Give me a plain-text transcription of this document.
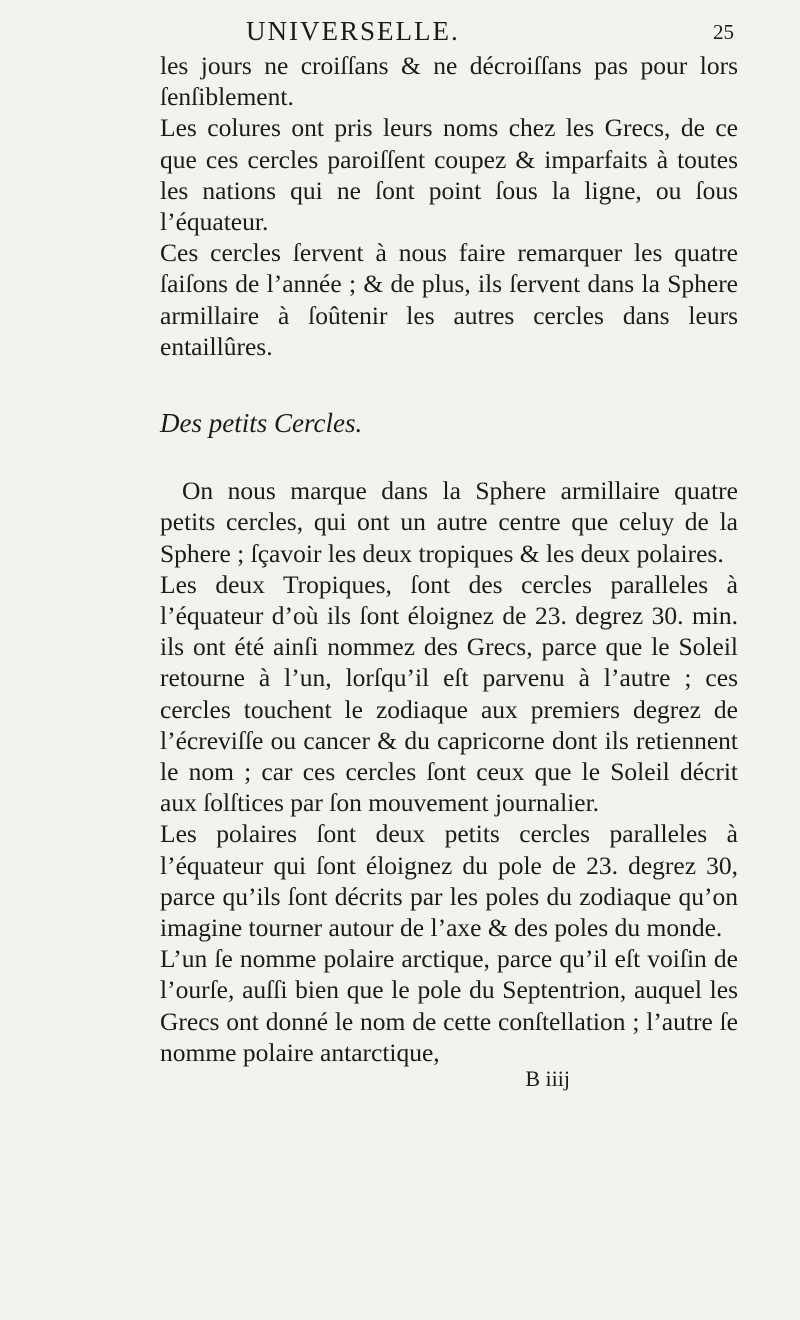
UNIVERSELLE.	25

les jours ne croiſſans & ne décroiſſans pas pour lors ſenſiblement.

Les colures ont pris leurs noms chez les Grecs, de ce que ces cercles paroiſſent coupez & imparfaits à toutes les nations qui ne ſont point ſous la ligne, ou ſous l’équateur.

Ces cercles ſervent à nous faire remarquer les quatre ſaiſons de l’année ; & de plus, ils ſervent dans la Sphere armillaire à ſoûtenir les autres cercles dans leurs entaillûres.

Des petits Cercles.

On nous marque dans la Sphere armillaire quatre petits cercles, qui ont un autre centre que celuy de la Sphere ; ſçavoir les deux tropiques & les deux polaires.

Les deux Tropiques, ſont des cercles paralleles à l’équateur d’où ils ſont éloignez de 23. degrez 30. min. ils ont été ainſi nommez des Grecs, parce que le Soleil retourne à l’un, lorſqu’il eſt parvenu à l’autre ; ces cercles touchent le zodiaque aux premiers degrez de l’écreviſſe ou cancer & du capricorne dont ils retiennent le nom ; car ces cercles ſont ceux que le Soleil décrit aux ſolſtices par ſon mouvement journalier.

Les polaires ſont deux petits cercles paralleles à l’équateur qui ſont éloignez du pole de 23. degrez 30, parce qu’ils ſont décrits par les poles du zodiaque qu’on imagine tourner autour de l’axe & des poles du monde.

L’un ſe nomme polaire arctique, parce qu’il eſt voiſin de l’ourſe, auſſi bien que le pole du Septentrion, auquel les Grecs ont donné le nom de cette conſtellation ; l’autre ſe nomme polaire antarctique,

B iiij
